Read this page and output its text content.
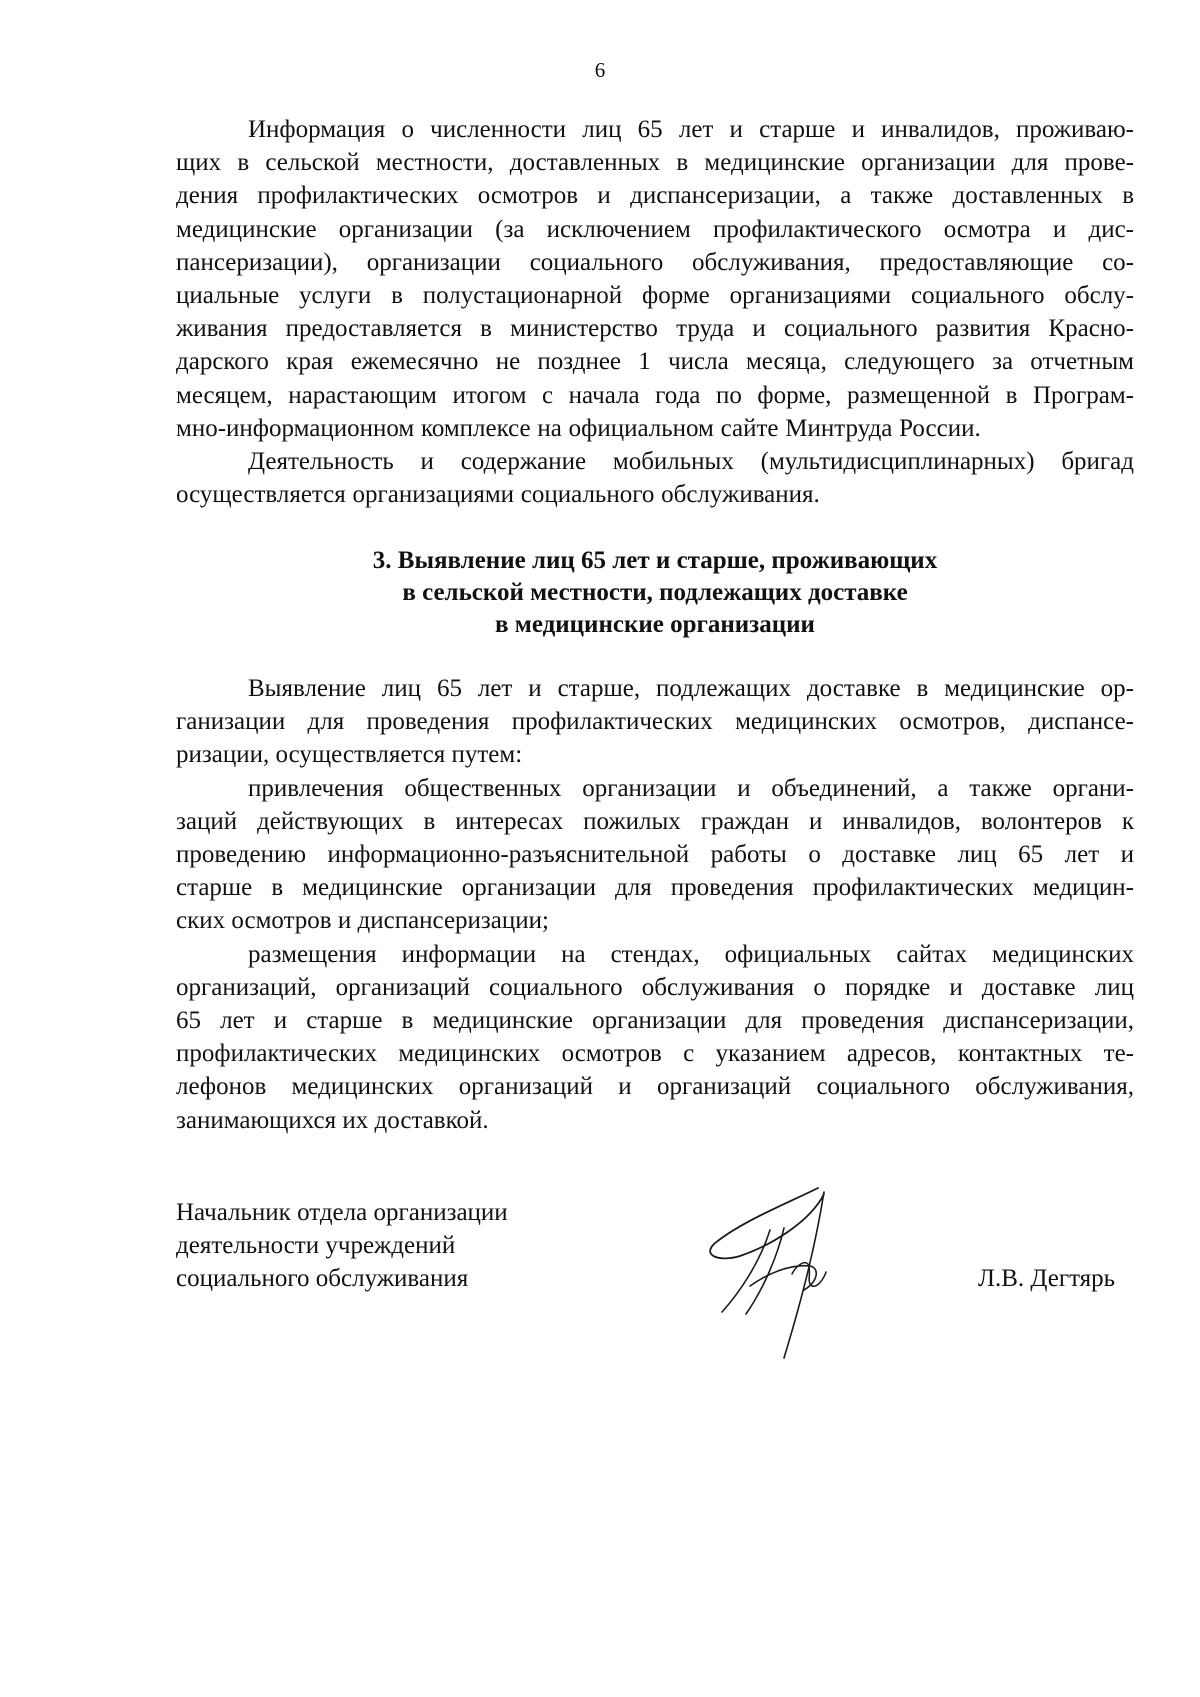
6
Информация о численности лиц 65 лет и старше и инвалидов, проживаю-
щих в сельской местности, доставленных в медицинские организации для прове-
дения профилактических осмотров и диспансеризации, а также доставленных в
медицинские организации (за исключением профилактического осмотра и дис-
пансеризации), организации социального обслуживания, предоставляющие со-
циальные услуги в полустационарной форме организациями социального обслу-
живания предоставляется в министерство труда и социального развития Красно-
дарского края ежемесячно не позднее 1 числа месяца, следующего за отчетным
месяцем, нарастающим итогом с начала года по форме, размещенной в Програм-
мно-информационном комплексе на официальном сайте Минтруда России.
Деятельность и содержание мобильных (мультидисциплинарных) бригад
осуществляется организациями социального обслуживания.
3. Выявление лиц 65 лет и старше, проживающих
в сельской местности, подлежащих доставке
в медицинские организации
Выявление лиц 65 лет и старше, подлежащих доставке в медицинские ор-
ганизации для проведения профилактических медицинских осмотров, диспансе-
ризации, осуществляется путем:
привлечения общественных организации и объединений, а также органи-
заций действующих в интересах пожилых граждан и инвалидов, волонтеров к
проведению информационно-разъяснительной работы о доставке лиц 65 лет и
старше в медицинские организации для проведения профилактических медицин-
ских осмотров и диспансеризации;
размещения информации на стендах, официальных сайтах медицинских
организаций, организаций социального обслуживания о порядке и доставке лиц
65 лет и старше в медицинские организации для проведения диспансеризации,
профилактических медицинских осмотров с указанием адресов, контактных те-
лефонов медицинских организаций и организаций социального обслуживания,
занимающихся их доставкой.
Начальник отдела организации
деятельности учреждений
социального обслуживания	Л.В. Дегтярь
